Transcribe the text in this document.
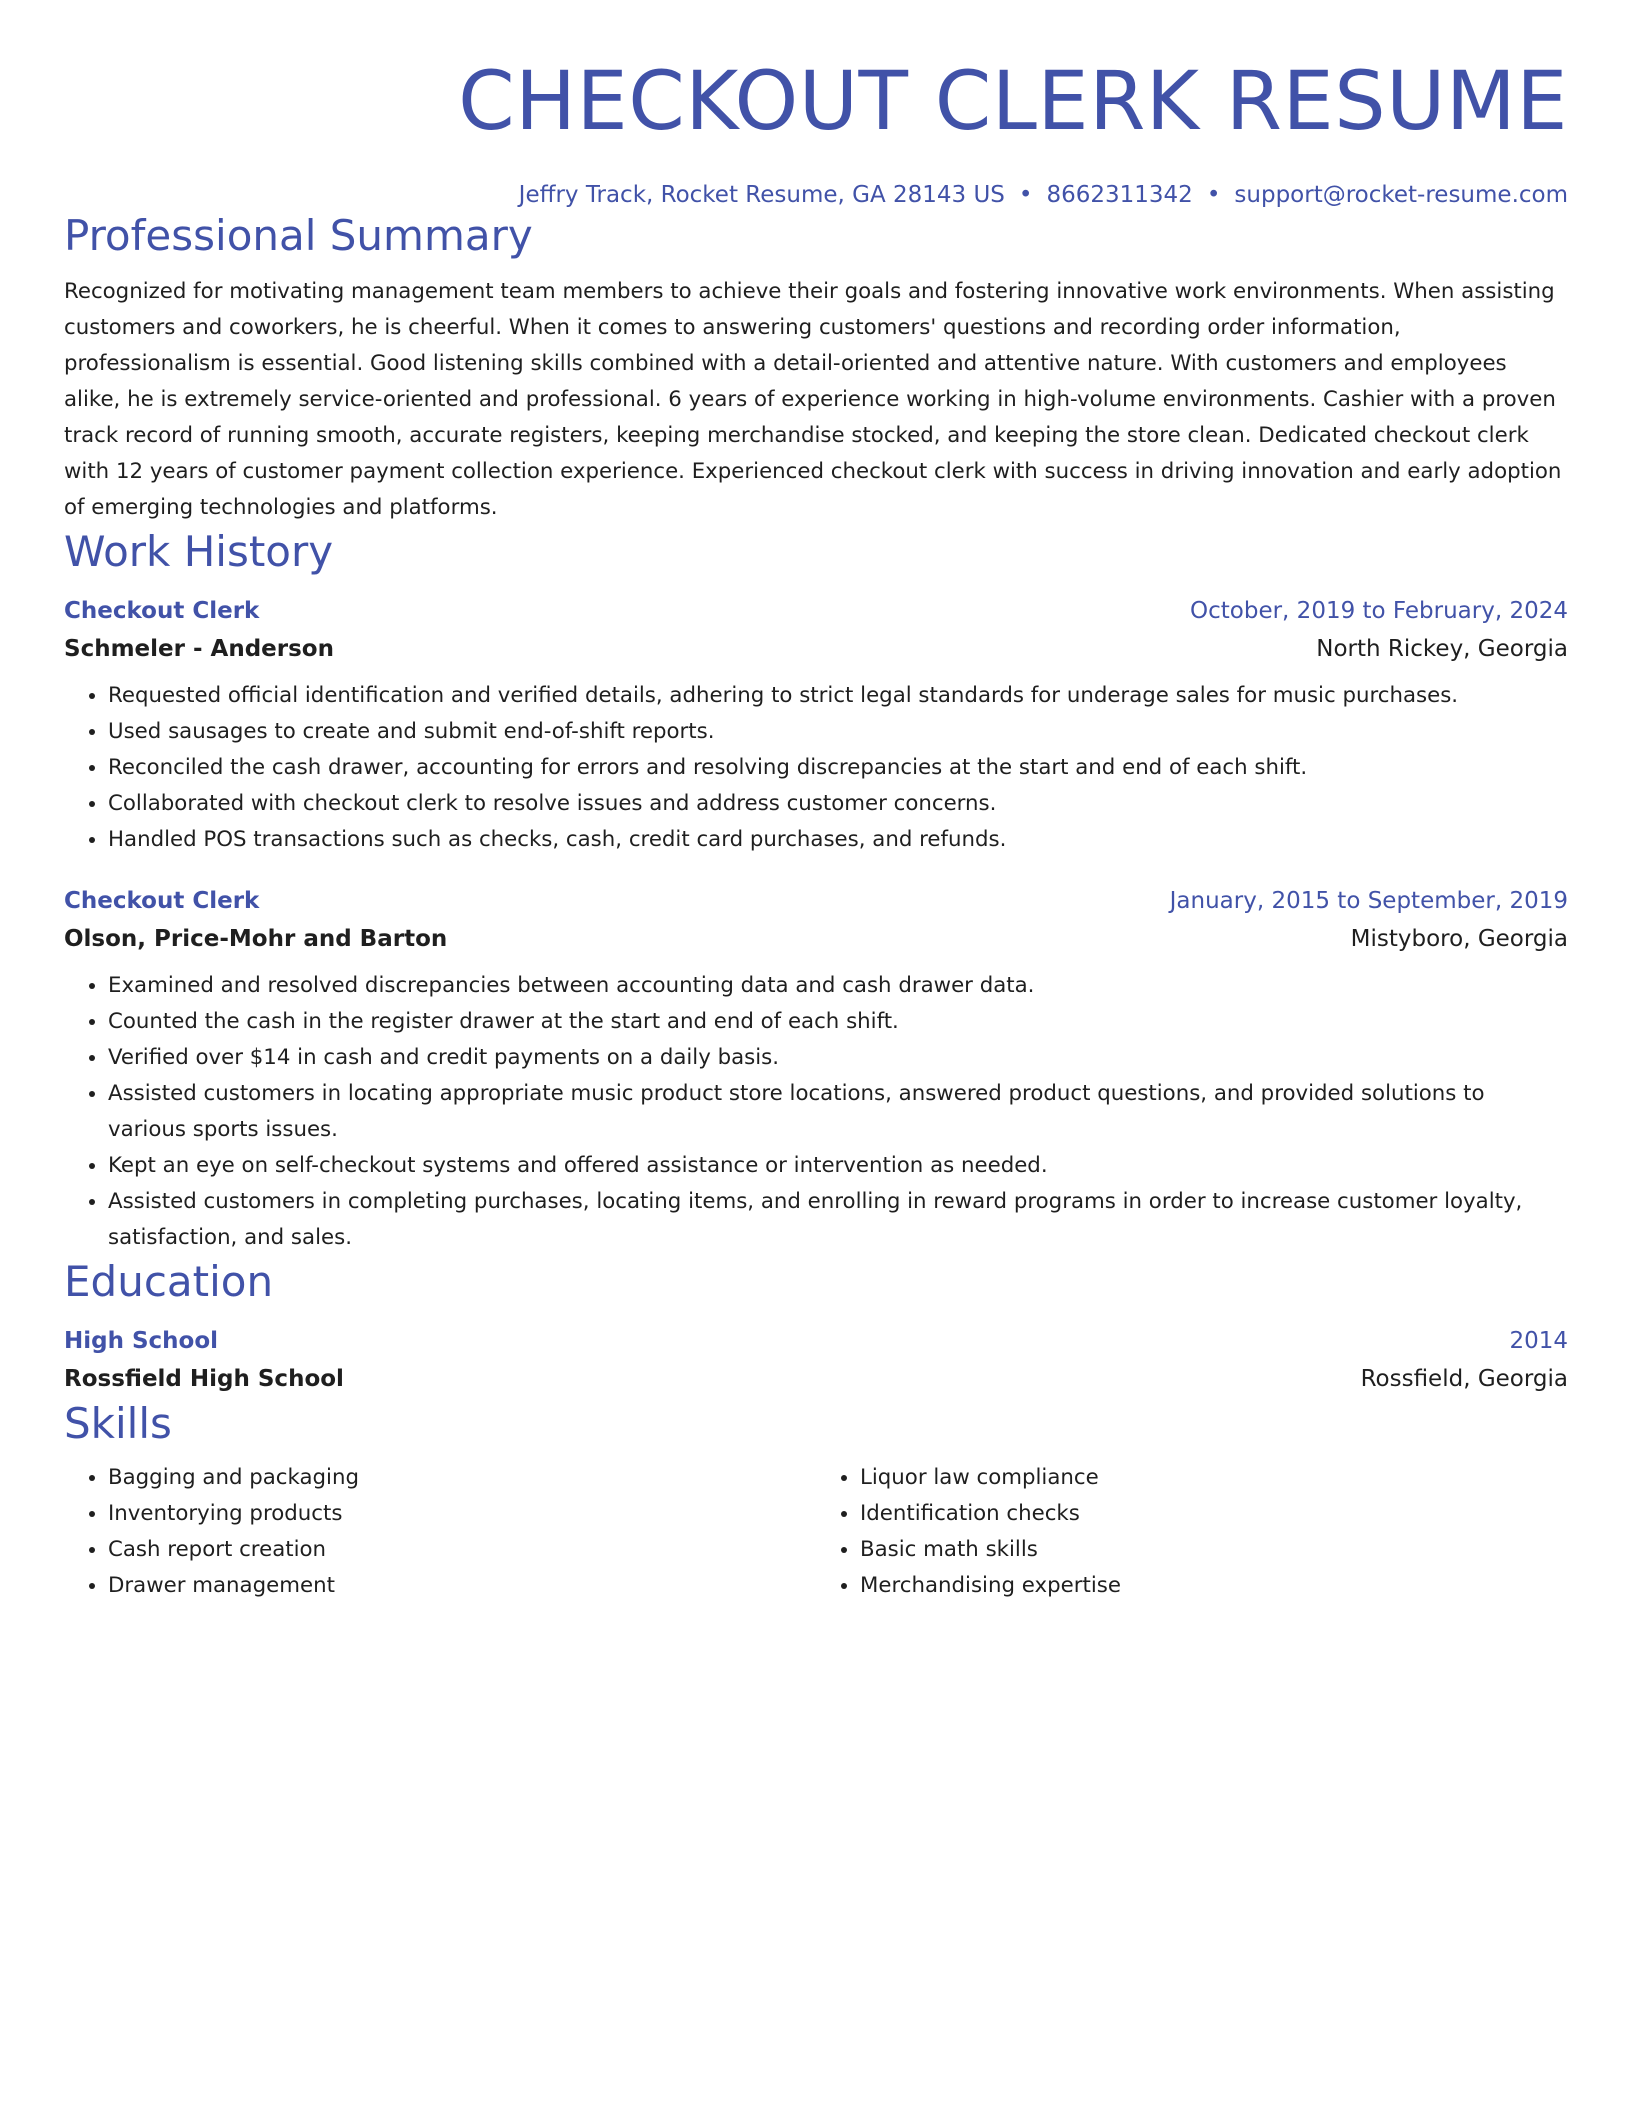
CHECKOUT CLERK RESUME
Jeffry Track, Rocket Resume, GA 28143 US • 8662311342 • support@rocket-resume.com
Professional Summary

Recognized for motivating management team members to achieve their goals and fostering innovative work environments. When assisting customers and coworkers, he is cheerful. When it comes to answering customers' questions and recording order information, professionalism is essential. Good listening skills combined with a detail-oriented and attentive nature. With customers and employees alike, he is extremely service-oriented and professional. 6 years of experience working in high-volume environments. Cashier with a proven track record of running smooth, accurate registers, keeping merchandise stocked, and keeping the store clean. Dedicated checkout clerk with 12 years of customer payment collection experience. Experienced checkout clerk with success in driving innovation and early adoption of emerging technologies and platforms.

Work History
Checkout Clerk	October, 2019 to February, 2024
Schmeler - Anderson	North Rickey, Georgia
• Requested official identification and verified details, adhering to strict legal standards for underage sales for music purchases.
• Used sausages to create and submit end-of-shift reports.
• Reconciled the cash drawer, accounting for errors and resolving discrepancies at the start and end of each shift.
• Collaborated with checkout clerk to resolve issues and address customer concerns.
• Handled POS transactions such as checks, cash, credit card purchases, and refunds.
Checkout Clerk	January, 2015 to September, 2019
Olson, Price-Mohr and Barton	Mistyboro, Georgia
• Examined and resolved discrepancies between accounting data and cash drawer data.
• Counted the cash in the register drawer at the start and end of each shift.
• Verified over $14 in cash and credit payments on a daily basis.
• Assisted customers in locating appropriate music product store locations, answered product questions, and provided solutions to various sports issues.
• Kept an eye on self-checkout systems and offered assistance or intervention as needed.
• Assisted customers in completing purchases, locating items, and enrolling in reward programs in order to increase customer loyalty, satisfaction, and sales.
Education
High School	2014
Rossfield High School	Rossfield, Georgia
Skills
• Bagging and packaging
• Inventorying products
• Cash report creation
• Drawer management
• Liquor law compliance
• Identification checks
• Basic math skills
• Merchandising expertise
